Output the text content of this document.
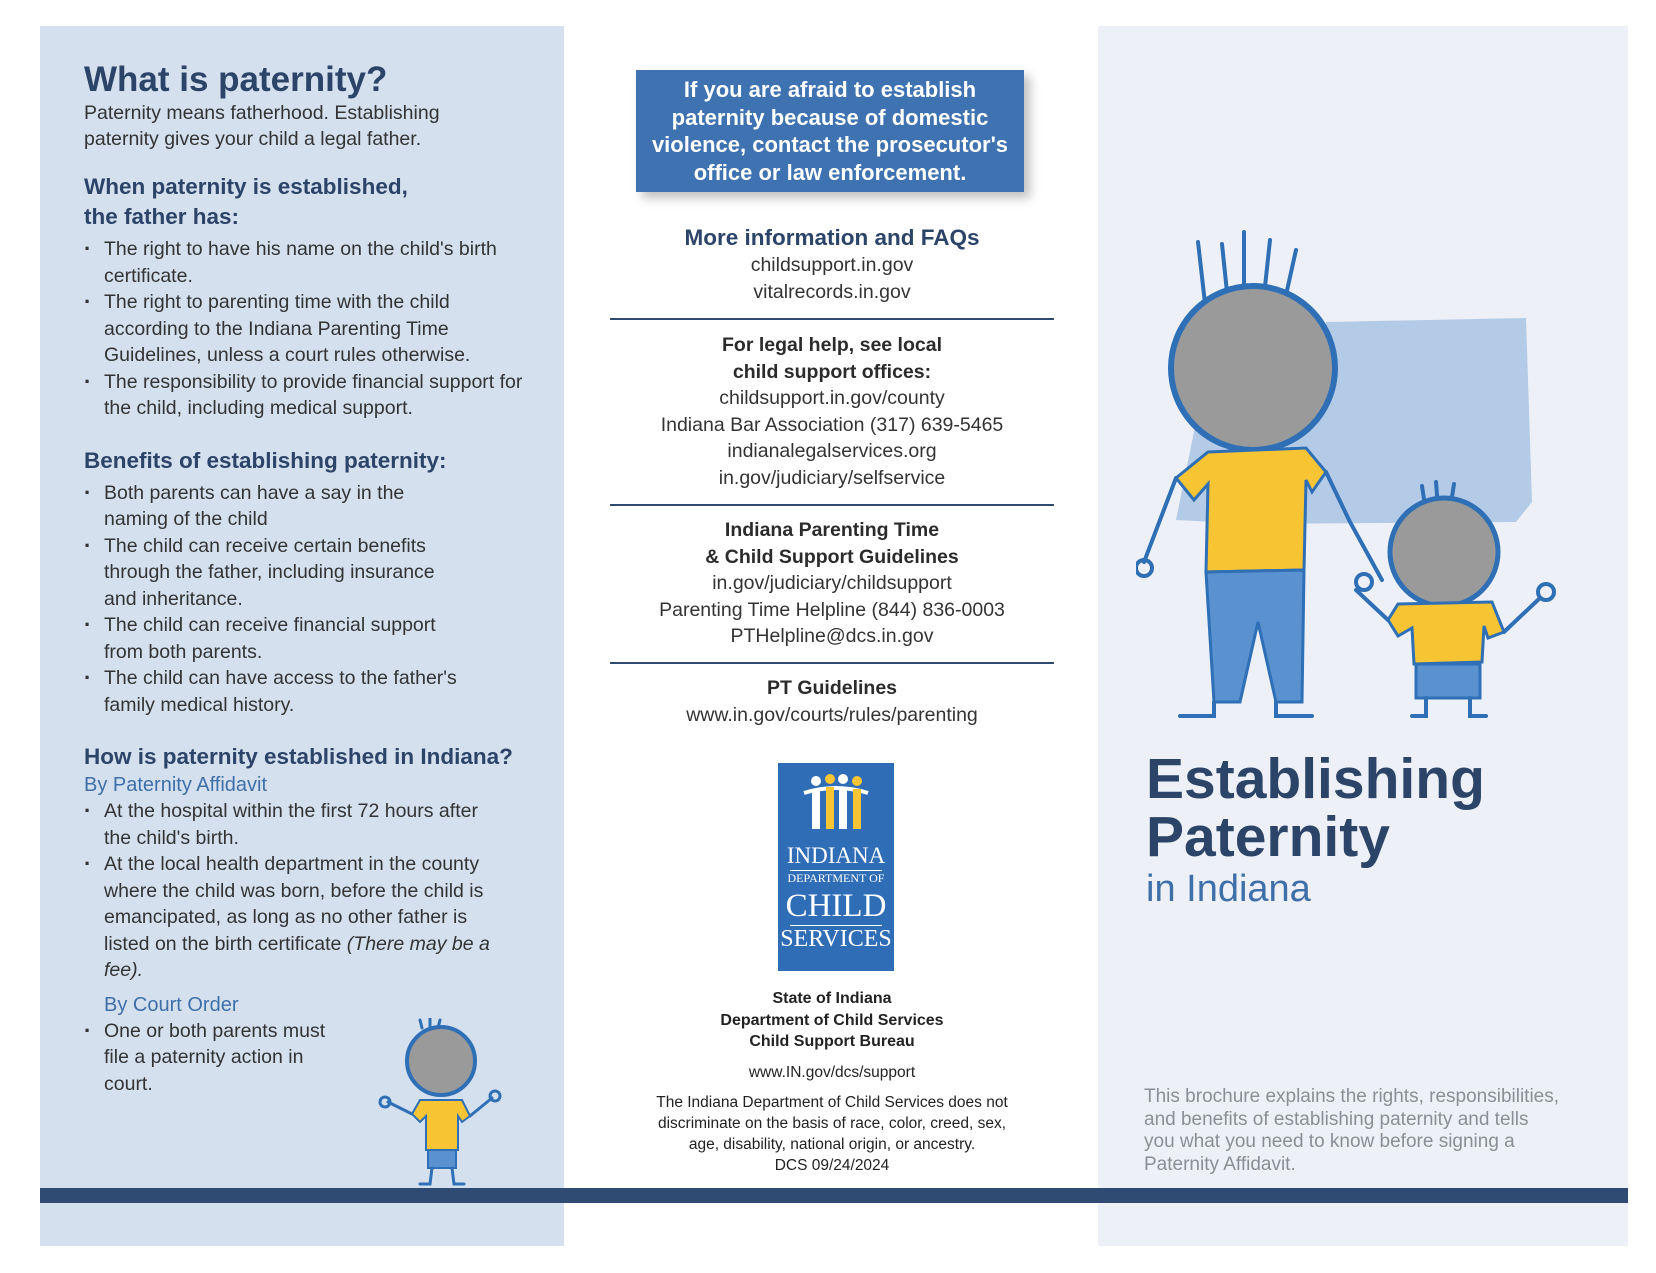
What is paternity?

Paternity means fatherhood. Establishing paternity gives your child a legal father.

When paternity is established, the father has:

· The right to have his name on the child's birth certificate.
· The right to parenting time with the child according to the Indiana Parenting Time Guidelines, unless a court rules otherwise.
· The responsibility to provide financial support for the child, including medical support.

Benefits of establishing paternity:

· Both parents can have a say in the naming of the child
· The child can receive certain benefits through the father, including insurance and inheritance.
· The child can receive financial support from both parents.
· The child can have access to the father's family medical history.

How is paternity established in Indiana?

By Paternity Affidavit

· At the hospital within the first 72 hours after the child's birth.
· At the local health department in the county where the child was born, before the child is emancipated, as long as no other father is listed on the birth certificate (There may be a fee).

By Court Order

· One or both parents must file a paternity action in court.
If you are afraid to establish paternity because of domestic violence, contact the prosecutor's office or law enforcement.

More information and FAQs

childsupport.in.gov

vitalrecords.in.gov

For legal help, see local

child support offices:

childsupport.in.gov/county

Indiana Bar Association (317) 639-5465

indianalegalservices.org

in.gov/judiciary/selfservice

Indiana Parenting Time

& Child Support Guidelines

in.gov/judiciary/childsupport

Parenting Time Helpline (844) 836-0003

PTHelpline@dcs.in.gov

PT Guidelines

www.in.gov/courts/rules/parenting

INDIANA
DEPARTMENT OF
CHILD
SERVICES

State of Indiana

Department of Child Services

Child Support Bureau

www.IN.gov/dcs/support

The Indiana Department of Child Services does not discriminate on the basis of race, color, creed, sex, age, disability, national origin, or ancestry.

DCS 09/24/2024

Establishing

Paternity

in Indiana

This brochure explains the rights, responsibilities, and benefits of establishing paternity and tells you what you need to know before signing a Paternity Affidavit.
